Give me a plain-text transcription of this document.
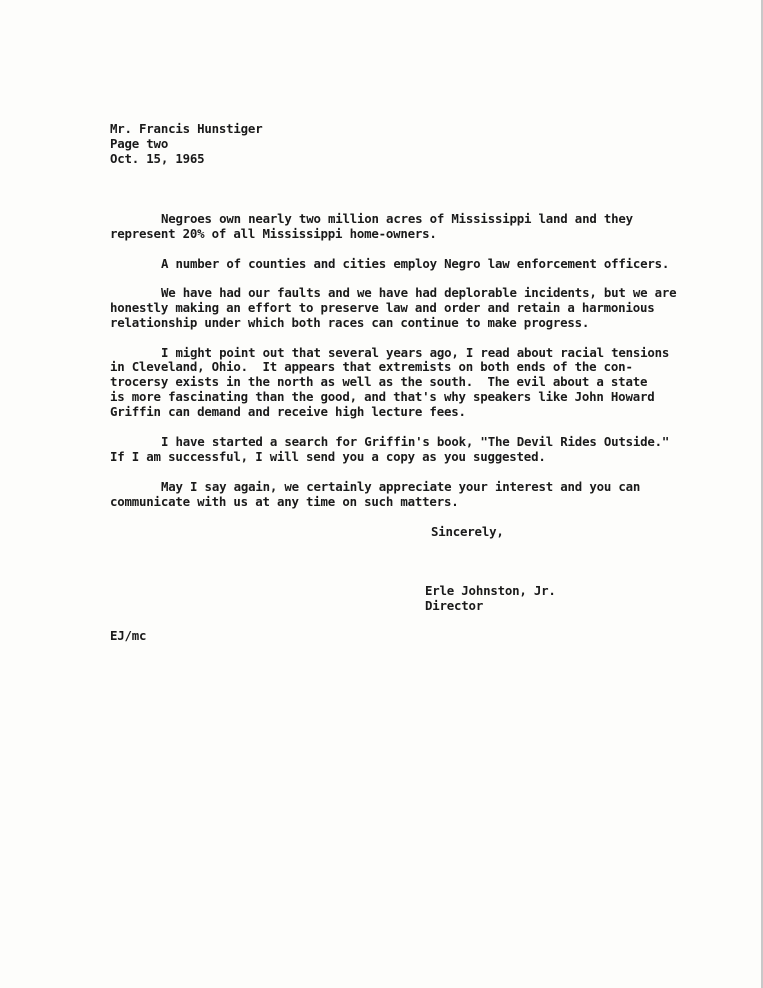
Mr. Francis Hunstiger
Page two
Oct. 15, 1965
Negroes own nearly two million acres of Mississippi land and they
represent 20% of all Mississippi home-owners.
A number of counties and cities employ Negro law enforcement officers.
We have had our faults and we have had deplorable incidents, but we are
honestly making an effort to preserve law and order and retain a harmonious
relationship under which both races can continue to make progress.
I might point out that several years ago, I read about racial tensions
in Cleveland, Ohio.  It appears that extremists on both ends of the con-
trocersy exists in the north as well as the south.  The evil about a state
is more fascinating than the good, and that's why speakers like John Howard
Griffin can demand and receive high lecture fees.
I have started a search for Griffin's book, "The Devil Rides Outside."
If I am successful, I will send you a copy as you suggested.
May I say again, we certainly appreciate your interest and you can
communicate with us at any time on such matters.
Sincerely,
Erle Johnston, Jr.
Director
EJ/mc
